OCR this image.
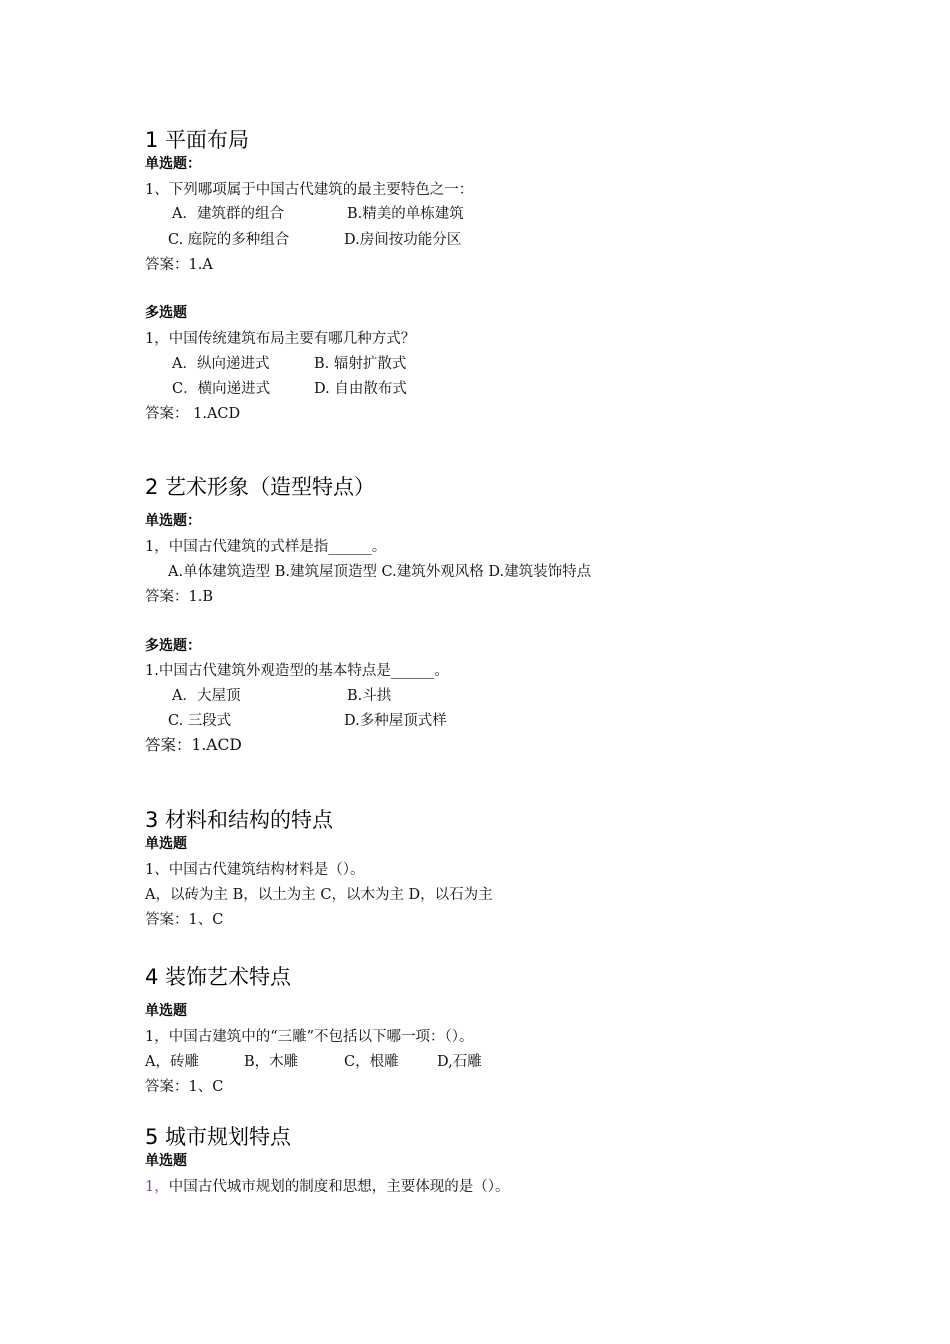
1 平面布局
单选题：
1、下列哪项属于中国古代建筑的最主要特色之一：
A．建筑群的组合	B.精美的单栋建筑
C. 庭院的多种组合	D.房间按功能分区
答案：1.A
多选题
1，中国传统建筑布局主要有哪几种方式？
A．纵向递进式	B. 辐射扩散式
C．横向递进式	D. 自由散布式
答案： 1.ACD
2 艺术形象（造型特点）
单选题：
1，中国古代建筑的式样是指______。
A.单体建筑造型 B.建筑屋顶造型 C.建筑外观风格 D.建筑装饰特点
答案：1.B
多选题：
1.中国古代建筑外观造型的基本特点是______。
A．大屋顶	B.斗拱
C. 三段式	D.多种屋顶式样
答案：1.ACD
3 材料和结构的特点
单选题
1、中国古代建筑结构材料是（）。
A，以砖为主 B，以土为主 C，以木为主 D，以石为主
答案：1、C
4 装饰艺术特点
单选题
1，中国古建筑中的“三雕”不包括以下哪一项：（）。
A，砖雕	B，木雕	C，根雕	D,石雕
答案：1、C
5 城市规划特点
单选题
1，中国古代城市规划的制度和思想，主要体现的是（）。
